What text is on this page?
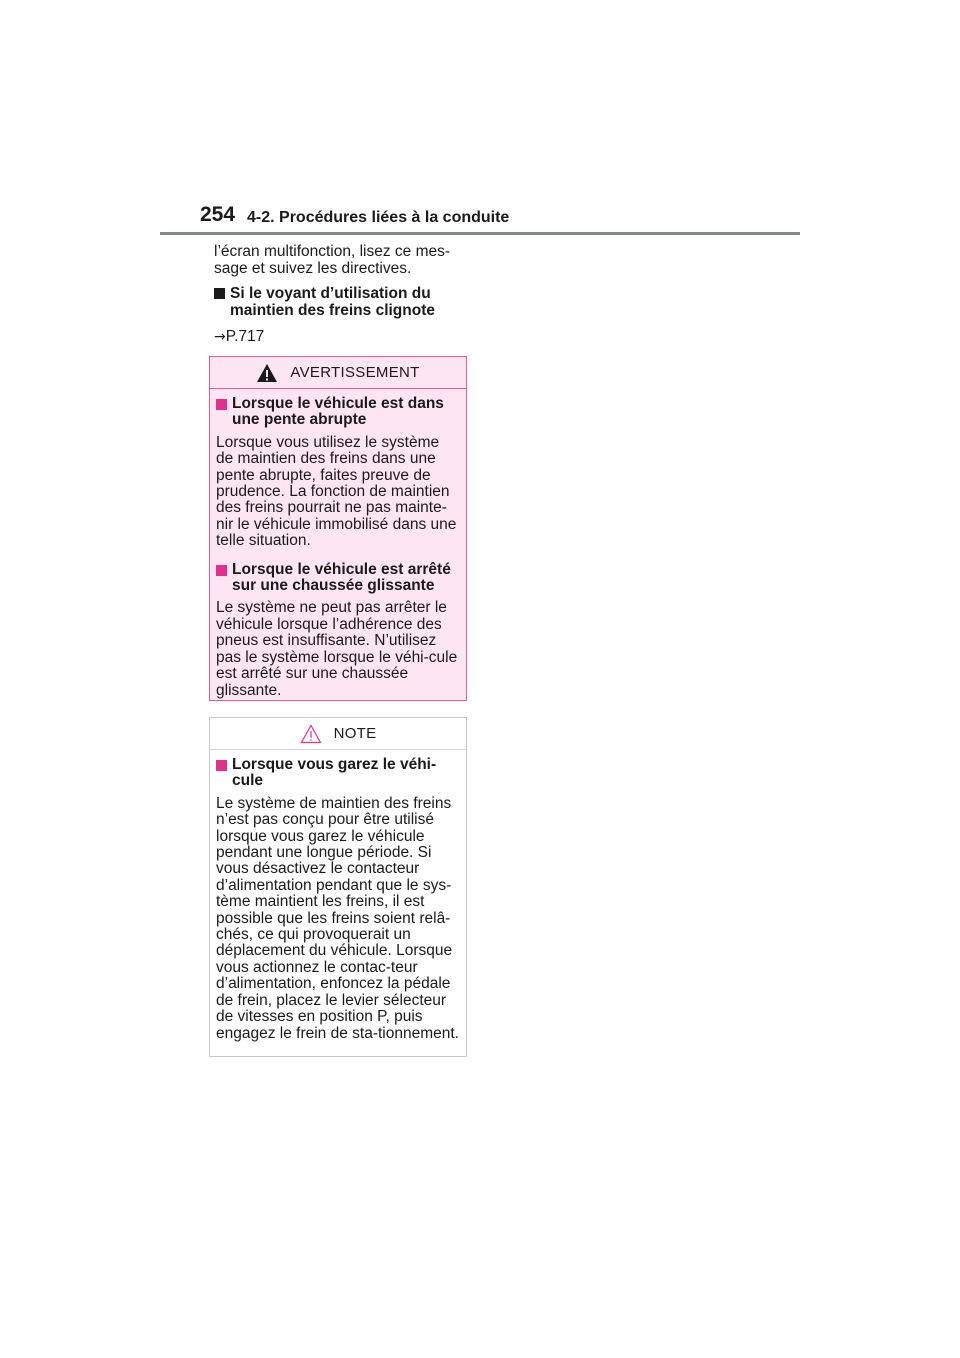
254 4-2. Procédures liées à la conduite

l’écran multifonction, lisez ce mes-sage et suivez les directives.

Si le voyant d’utilisation du maintien des freins clignote

→P.717

AVERTISSEMENT
Lorsque le véhicule est dans une pente abrupte

Lorsque vous utilisez le système de maintien des freins dans une pente abrupte, faites preuve de prudence. La fonction de maintien des freins pourrait ne pas mainte-nir le véhicule immobilisé dans une telle situation.

Lorsque le véhicule est arrêté sur une chaussée glissante

Le système ne peut pas arrêter le véhicule lorsque l’adhérence des pneus est insuffisante. N’utilisez pas le système lorsque le véhi-cule est arrêté sur une chaussée glissante.

NOTE
Lorsque vous garez le véhi-cule

Le système de maintien des freins n’est pas conçu pour être utilisé lorsque vous garez le véhicule pendant une longue période. Si vous désactivez le contacteur d’alimentation pendant que le sys-tème maintient les freins, il est possible que les freins soient relâ-chés, ce qui provoquerait un déplacement du véhicule. Lorsque vous actionnez le contac-teur d’alimentation, enfoncez la pédale de frein, placez le levier sélecteur de vitesses en position P, puis engagez le frein de sta-tionnement.
